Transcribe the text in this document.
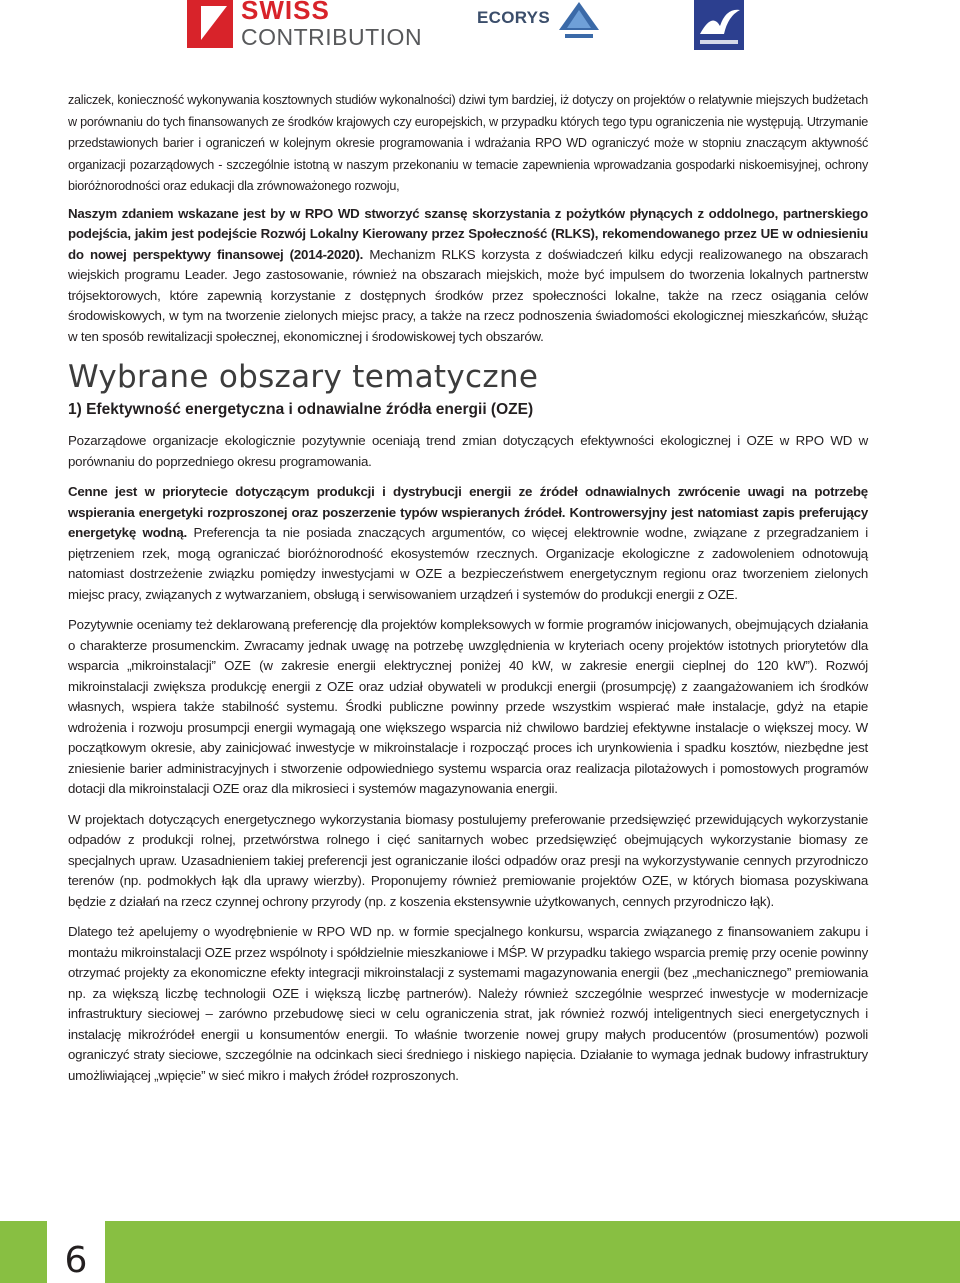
SWISS
CONTRIBUTION
ECORYS

zaliczek, konieczność wykonywania kosztownych studiów wykonalności) dziwi tym bardziej, iż dotyczy on projektów o relatywnie miejszych budżetach w porównaniu do tych finansowanych ze środków krajowych czy europejskich, w przypadku których tego typu ograniczenia nie występują. Utrzymanie przedstawionych barier i ograniczeń w kolejnym okresie programowania i wdrażania RPO WD ograniczyć może w stopniu znaczącym aktywność organizacji pozarządowych - szczególnie istotną w naszym przekonaniu w temacie zapewnienia wprowadzania gospodarki niskoemisyjnej, ochrony bioróżnorodności oraz edukacji dla zrównoważonego rozwoju,

Naszym zdaniem wskazane jest by w RPO WD stworzyć szansę skorzystania z pożytków płynących z oddolnego, partnerskiego podejścia, jakim jest podejście Rozwój Lokalny Kierowany przez Społeczność (RLKS), rekomendowanego przez UE w odniesieniu do nowej perspektywy finansowej (2014-2020). Mechanizm RLKS korzysta z doświadczeń kilku edycji realizowanego na obszarach wiejskich programu Leader. Jego zastosowanie, również na obszarach miejskich, może być impulsem do tworzenia lokalnych partnerstw trójsektorowych, które zapewnią korzystanie z dostępnych środków przez społeczności lokalne, także na rzecz osiągania celów środowiskowych, w tym na tworzenie zielonych miejsc pracy, a także na rzecz podnoszenia świadomości ekologicznej mieszkańców, służąc w ten sposób rewitalizacji społecznej, ekonomicznej i środowiskowej tych obszarów.

Wybrane obszary tematyczne
1) Efektywność energetyczna i odnawialne źródła energii (OZE)

Pozarządowe organizacje ekologicznie pozytywnie oceniają trend zmian dotyczących efektywności ekologicznej i OZE w RPO WD w porównaniu do poprzedniego okresu programowania.

Cenne jest w priorytecie dotyczącym produkcji i dystrybucji energii ze źródeł odnawialnych zwrócenie uwagi na potrzebę wspierania energetyki rozproszonej oraz poszerzenie typów wspieranych źródeł. Kontrowersyjny jest natomiast zapis preferujący energetykę wodną. Preferencja ta nie posiada znaczących argumentów, co więcej elektrownie wodne, związane z przegradzaniem i piętrzeniem rzek, mogą ograniczać bioróżnorodność ekosystemów rzecznych. Organizacje ekologiczne z zadowoleniem odnotowują natomiast dostrzeżenie związku pomiędzy inwestycjami w OZE a bezpieczeństwem energetycznym regionu oraz tworzeniem zielonych miejsc pracy, związanych z wytwarzaniem, obsługą i serwisowaniem urządzeń i systemów do produkcji energii z OZE.

Pozytywnie oceniamy też deklarowaną preferencję dla projektów kompleksowych w formie programów inicjowanych, obejmujących działania o charakterze prosumenckim. Zwracamy jednak uwagę na potrzebę uwzględnienia w kryteriach oceny projektów istotnych priorytetów dla wsparcia „mikroinstalacji” OZE (w zakresie energii elektrycznej poniżej 40 kW, w zakresie energii cieplnej do 120 kW”). Rozwój mikroinstalacji zwiększa produkcję energii z OZE oraz udział obywateli w produkcji energii (prosumpcję) z zaangażowaniem ich środków własnych, wspiera także stabilność systemu. Środki publiczne powinny przede wszystkim wspierać małe instalacje, gdyż na etapie wdrożenia i rozwoju prosumpcji energii wymagają one większego wsparcia niż chwilowo bardziej efektywne instalacje o większej mocy. W początkowym okresie, aby zainicjować inwestycje w mikroinstalacje i rozpocząć proces ich urynkowienia i spadku kosztów, niezbędne jest zniesienie barier administracyjnych i stworzenie odpowiedniego systemu wsparcia oraz realizacja pilotażowych i pomostowych programów dotacji dla mikroinstalacji OZE oraz dla mikrosieci i systemów magazynowania energii.

W projektach dotyczących energetycznego wykorzystania biomasy postulujemy preferowanie przedsięwzięć przewidujących wykorzystanie odpadów z produkcji rolnej, przetwórstwa rolnego i cięć sanitarnych wobec przedsięwzięć obejmujących wykorzystanie biomasy ze specjalnych upraw. Uzasadnieniem takiej preferencji jest ograniczanie ilości odpadów oraz presji na wykorzystywanie cennych przyrodniczo terenów (np. podmokłych łąk dla uprawy wierzby). Proponujemy również premiowanie projektów OZE, w których biomasa pozyskiwana będzie z działań na rzecz czynnej ochrony przyrody (np. z koszenia ekstensywnie użytkowanych, cennych przyrodniczo łąk).

Dlatego też apelujemy o wyodrębnienie w RPO WD np. w formie specjalnego konkursu, wsparcia związanego z finansowaniem zakupu i montażu mikroinstalacji OZE przez wspólnoty i spółdzielnie mieszkaniowe i MŚP. W przypadku takiego wsparcia premię przy ocenie powinny otrzymać projekty za ekonomiczne efekty integracji mikroinstalacji z systemami magazynowania energii (bez „mechanicznego” premiowania np. za większą liczbę technologii OZE i większą liczbę partnerów). Należy również szczególnie wesprzeć inwestycje w modernizacje infrastruktury sieciowej – zarówno przebudowę sieci w celu ograniczenia strat, jak również rozwój inteligentnych sieci energetycznych i instalację mikroźródeł energii u konsumentów energii. To właśnie tworzenie nowej grupy małych producentów (prosumentów) pozwoli ograniczyć straty sieciowe, szczególnie na odcinkach sieci średniego i niskiego napięcia. Działanie to wymaga jednak budowy infrastruktury umożliwiającej „wpięcie” w sieć mikro i małych źródeł rozproszonych.

6
